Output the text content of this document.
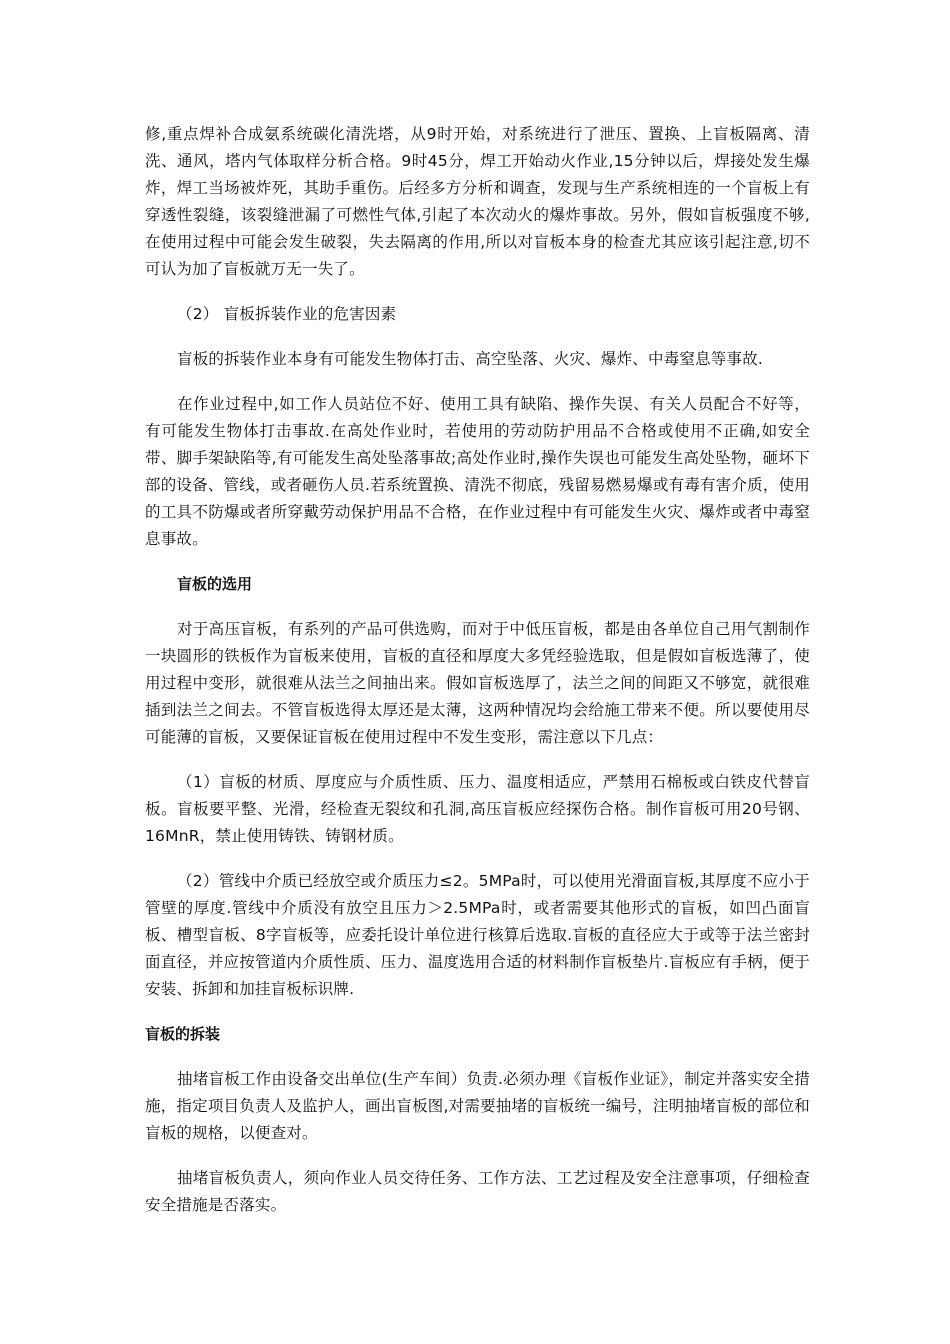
修,重点焊补合成氨系统碳化清洗塔，从9时开始，对系统进行了泄压、置换、上盲板隔离、清洗、通风，塔内气体取样分析合格。9时45分，焊工开始动火作业,15分钟以后，焊接处发生爆炸，焊工当场被炸死，其助手重伤。后经多方分析和调查，发现与生产系统相连的一个盲板上有穿透性裂缝，该裂缝泄漏了可燃性气体,引起了本次动火的爆炸事故。另外，假如盲板强度不够,在使用过程中可能会发生破裂，失去隔离的作用,所以对盲板本身的检查尤其应该引起注意,切不可认为加了盲板就万无一失了。

（2） 盲板拆装作业的危害因素

盲板的拆装作业本身有可能发生物体打击、高空坠落、火灾、爆炸、中毒窒息等事故.

在作业过程中,如工作人员站位不好、使用工具有缺陷、操作失误、有关人员配合不好等，有可能发生物体打击事故.在高处作业时，若使用的劳动防护用品不合格或使用不正确,如安全带、脚手架缺陷等,有可能发生高处坠落事故;高处作业时,操作失误也可能发生高处坠物，砸坏下部的设备、管线，或者砸伤人员.若系统置换、清洗不彻底，残留易燃易爆或有毒有害介质，使用的工具不防爆或者所穿戴劳动保护用品不合格，在作业过程中有可能发生火灾、爆炸或者中毒窒息事故。

盲板的选用

对于高压盲板，有系列的产品可供选购，而对于中低压盲板，都是由各单位自己用气割制作一块圆形的铁板作为盲板来使用，盲板的直径和厚度大多凭经验选取，但是假如盲板选薄了，使用过程中变形，就很难从法兰之间抽出来。假如盲板选厚了，法兰之间的间距又不够宽，就很难插到法兰之间去。不管盲板选得太厚还是太薄，这两种情况均会给施工带来不便。所以要使用尽可能薄的盲板，又要保证盲板在使用过程中不发生变形，需注意以下几点：

（1）盲板的材质、厚度应与介质性质、压力、温度相适应，严禁用石棉板或白铁皮代替盲板。盲板要平整、光滑，经检查无裂纹和孔洞,高压盲板应经探伤合格。制作盲板可用20号钢、16MnR，禁止使用铸铁、铸钢材质。

（2）管线中介质已经放空或介质压力≤2。5MPa时，可以使用光滑面盲板,其厚度不应小于管壁的厚度.管线中介质没有放空且压力＞2.5MPa时，或者需要其他形式的盲板，如凹凸面盲板、槽型盲板、8字盲板等，应委托设计单位进行核算后选取.盲板的直径应大于或等于法兰密封面直径，并应按管道内介质性质、压力、温度选用合适的材料制作盲板垫片.盲板应有手柄，便于安装、拆卸和加挂盲板标识牌.

盲板的拆装

抽堵盲板工作由设备交出单位(生产车间）负责.必须办理《盲板作业证》，制定并落实安全措施，指定项目负责人及监护人，画出盲板图,对需要抽堵的盲板统一编号，注明抽堵盲板的部位和盲板的规格，以便查对。

抽堵盲板负责人，须向作业人员交待任务、工作方法、工艺过程及安全注意事项，仔细检查安全措施是否落实。
